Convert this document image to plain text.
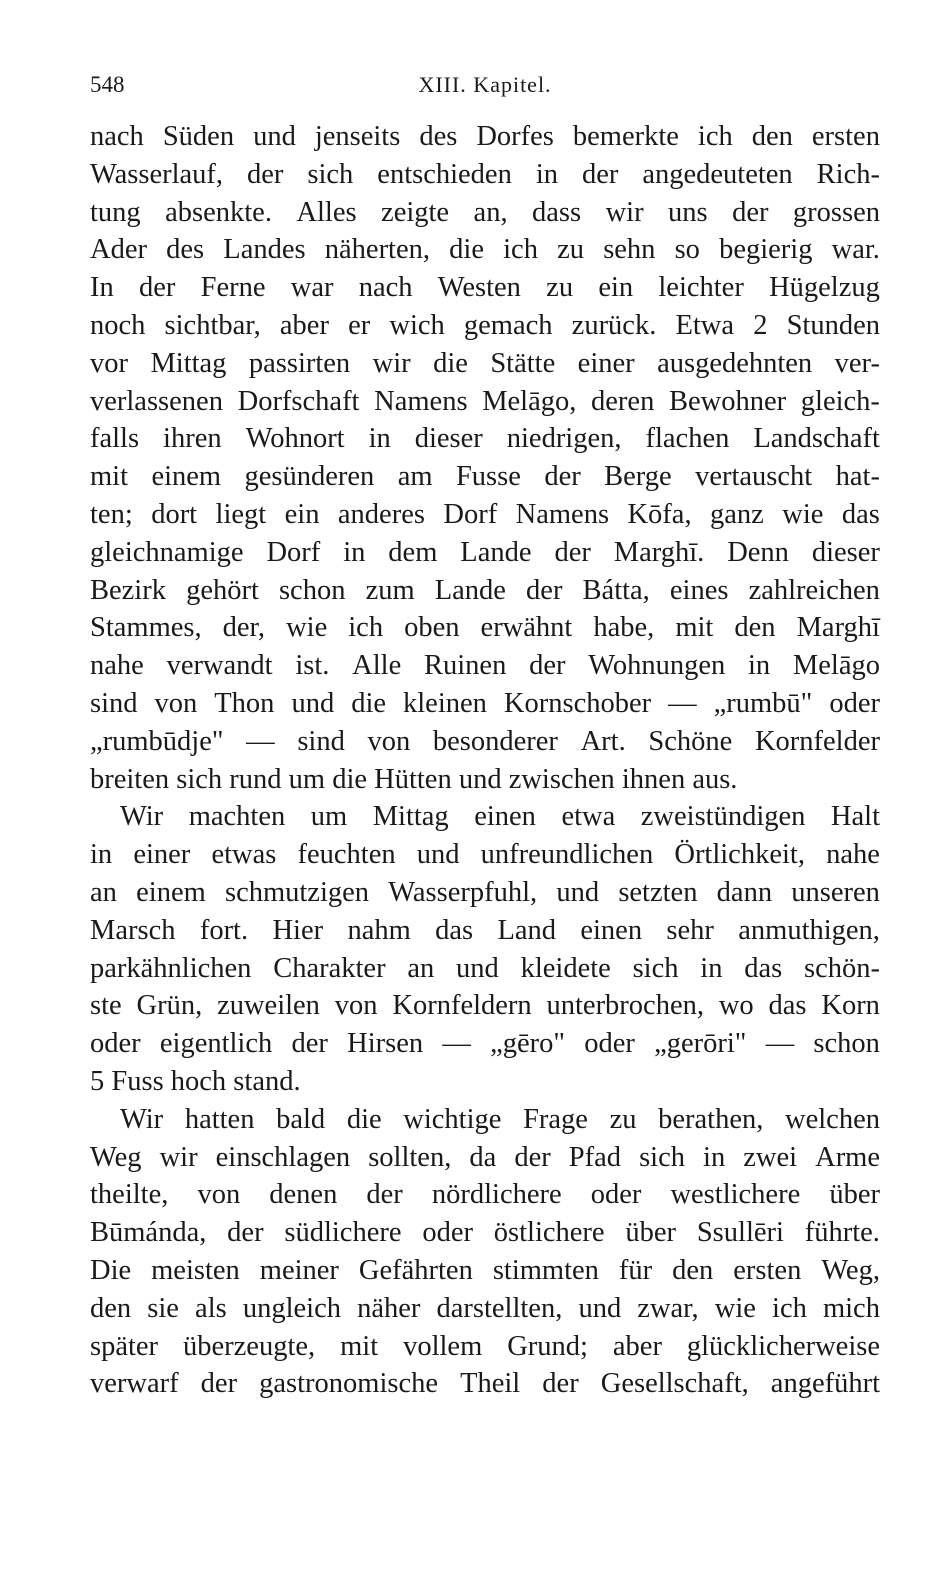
548	XIII. Kapitel.
nach Süden und jenseits des Dorfes bemerkte ich den ersten
Wasserlauf, der sich entschieden in der angedeuteten Rich-
tung absenkte. Alles zeigte an, dass wir uns der grossen
Ader des Landes näherten, die ich zu sehn so begierig war.
In der Ferne war nach Westen zu ein leichter Hügelzug
noch sichtbar, aber er wich gemach zurück. Etwa 2 Stunden
vor Mittag passirten wir die Stätte einer ausgedehnten ver-
verlassenen Dorfschaft Namens Melāgo, deren Bewohner gleich-
falls ihren Wohnort in dieser niedrigen, flachen Landschaft
mit einem gesünderen am Fusse der Berge vertauscht hat-
ten; dort liegt ein anderes Dorf Namens Kōfa, ganz wie das
gleichnamige Dorf in dem Lande der Marghī. Denn dieser
Bezirk gehört schon zum Lande der Bátta, eines zahlreichen
Stammes, der, wie ich oben erwähnt habe, mit den Marghī
nahe verwandt ist. Alle Ruinen der Wohnungen in Melāgo
sind von Thon und die kleinen Kornschober — „rumbū" oder
„rumbūdje" — sind von besonderer Art. Schöne Kornfelder
breiten sich rund um die Hütten und zwischen ihnen aus.
Wir machten um Mittag einen etwa zweistündigen Halt
in einer etwas feuchten und unfreundlichen Örtlichkeit, nahe
an einem schmutzigen Wasserpfuhl, und setzten dann unseren
Marsch fort. Hier nahm das Land einen sehr anmuthigen,
parkähnlichen Charakter an und kleidete sich in das schön-
ste Grün, zuweilen von Kornfeldern unterbrochen, wo das Korn
oder eigentlich der Hirsen — „gēro" oder „gerōri" — schon
5 Fuss hoch stand.
Wir hatten bald die wichtige Frage zu berathen, welchen
Weg wir einschlagen sollten, da der Pfad sich in zwei Arme
theilte, von denen der nördlichere oder westlichere über
Būmánda, der südlichere oder östlichere über Ssullēri führte.
Die meisten meiner Gefährten stimmten für den ersten Weg,
den sie als ungleich näher darstellten, und zwar, wie ich mich
später überzeugte, mit vollem Grund; aber glücklicherweise
verwarf der gastronomische Theil der Gesellschaft, angeführt
